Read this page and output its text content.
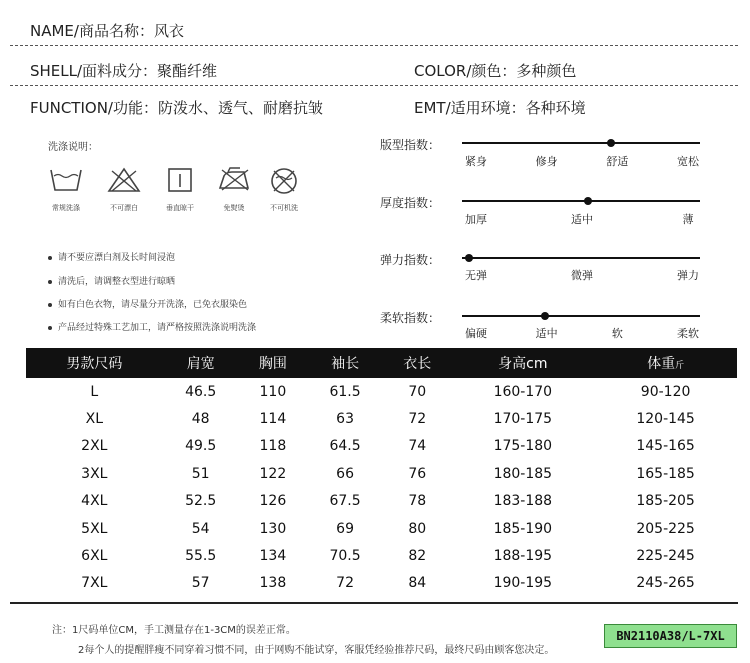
NAME/商品名称：风衣
SHELL/面料成分：聚酯纤维	COLOR/颜色：多种颜色
FUNCTION/功能：防泼水、透气、耐磨抗皱	EMT/适用环境：各种环境
洗涤说明：
常规洗涤	不可漂白	垂直晾干	免熨烫	不可机洗
请不要应漂白剂及长时间浸泡
清洗后，请调整衣型进行晾晒
如有白色衣物，请尽量分开洗涤，已免衣服染色
产品经过特殊工艺加工，请严格按照洗涤说明洗涤
版型指数：
厚度指数：
弹力指数：
柔软指数：
紧身	修身	舒适	宽松
加厚	适中	薄
无弹	微弹	弹力
偏硬	适中	软	柔软
男款尺码	肩宽	胸围	袖长	衣长	身高cm	体重斤
L	46.5	110	61.5	70	160-170	90-120
XL	48	114	63	72	170-175	120-145
2XL	49.5	118	64.5	74	175-180	145-165
3XL	51	122	66	76	180-185	165-185
4XL	52.5	126	67.5	78	183-188	185-205
5XL	54	130	69	80	185-190	205-225
6XL	55.5	134	70.5	82	188-195	225-245
7XL	57	138	72	84	190-195	245-265
注：1尺码单位CM，手工测量存在1-3CM的误差正常。
2每个人的提醒胖瘦不同穿着习惯不同，由于网购不能试穿，客服凭经验推荐尺码，最终尺码由顾客您决定。
BN2110A38/L-7XL
